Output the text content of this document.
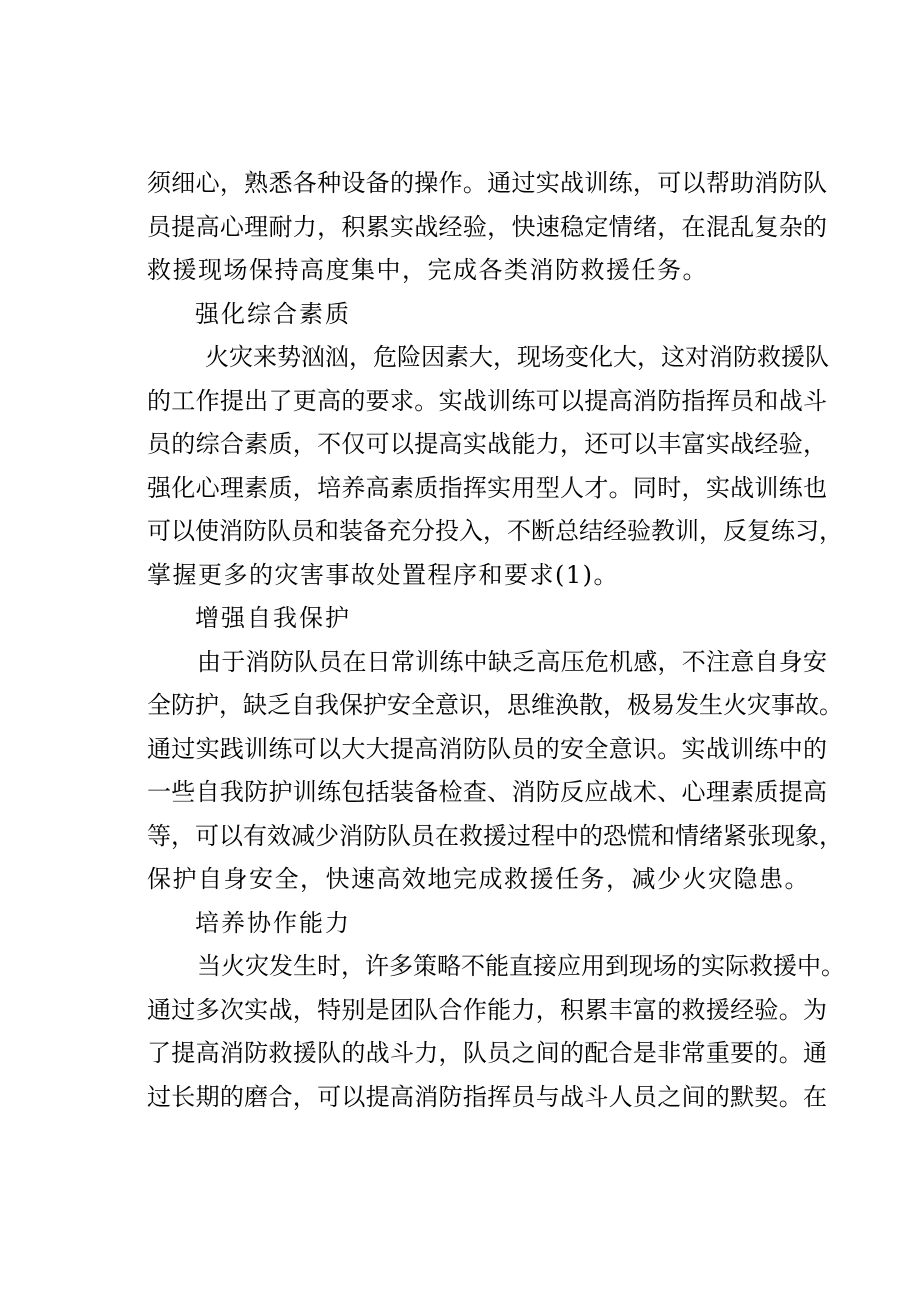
须细心，熟悉各种设备的操作。通过实战训练，可以帮助消防队
员提高心理耐力，积累实战经验，快速稳定情绪，在混乱复杂的
救援现场保持高度集中，完成各类消防救援任务。
强化综合素质
火灾来势汹汹，危险因素大，现场变化大，这对消防救援队
的工作提出了更高的要求。实战训练可以提高消防指挥员和战斗
员的综合素质，不仅可以提高实战能力，还可以丰富实战经验，
强化心理素质，培养高素质指挥实用型人才。同时，实战训练也
可以使消防队员和装备充分投入，不断总结经验教训，反复练习，
掌握更多的灾害事故处置程序和要求(1)。
增强自我保护
由于消防队员在日常训练中缺乏高压危机感，不注意自身安
全防护，缺乏自我保护安全意识，思维涣散，极易发生火灾事故。
通过实践训练可以大大提高消防队员的安全意识。实战训练中的
一些自我防护训练包括装备检查、消防反应战术、心理素质提高
等，可以有效减少消防队员在救援过程中的恐慌和情绪紧张现象，
保护自身安全，快速高效地完成救援任务，减少火灾隐患。
培养协作能力
当火灾发生时，许多策略不能直接应用到现场的实际救援中。
通过多次实战，特别是团队合作能力，积累丰富的救援经验。为
了提高消防救援队的战斗力，队员之间的配合是非常重要的。通
过长期的磨合，可以提高消防指挥员与战斗人员之间的默契。在
